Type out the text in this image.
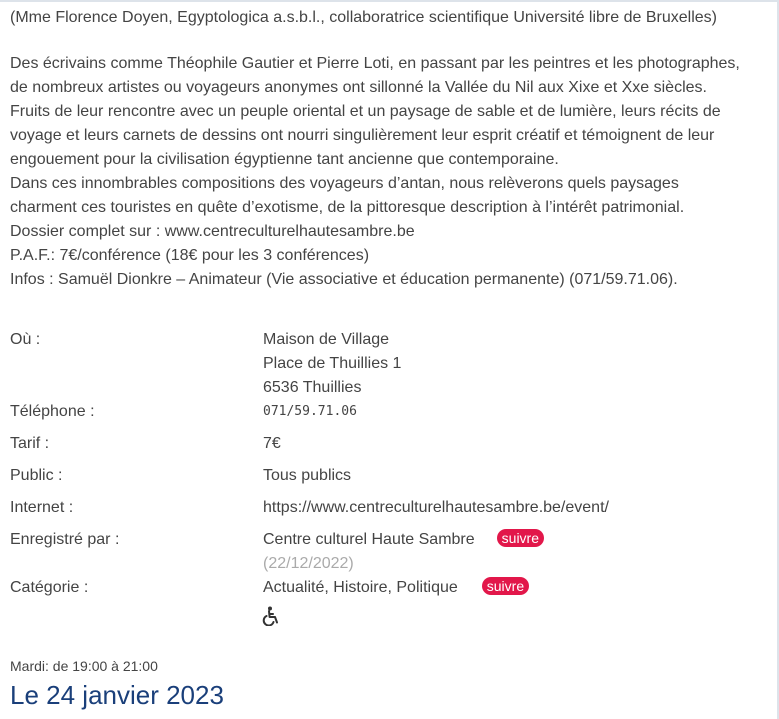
(Mme Florence Doyen, Egyptologica a.s.b.l., collaboratrice scientifique Université libre de Bruxelles)

Des écrivains comme Théophile Gautier et Pierre Loti, en passant par les peintres et les photographes,
de nombreux artistes ou voyageurs anonymes ont sillonné la Vallée du Nil aux Xixe et Xxe siècles.
Fruits de leur rencontre avec un peuple oriental et un paysage de sable et de lumière, leurs récits de
voyage et leurs carnets de dessins ont nourri singulièrement leur esprit créatif et témoignent de leur
engouement pour la civilisation égyptienne tant ancienne que contemporaine.
Dans ces innombrables compositions des voyageurs d’antan, nous relèverons quels paysages
charment ces touristes en quête d’exotisme, de la pittoresque description à l’intérêt patrimonial.
Dossier complet sur : www.centreculturelhautesambre.be
P.A.F.: 7€/conférence (18€ pour les 3 conférences)
Infos : Samuël Dionkre – Animateur (Vie associative et éducation permanente) (071/59.71.06).
Où :	Maison de Village
Place de Thuillies 1
6536 Thuillies
Téléphone :	071/59.71.06
Tarif :	7€
Public :	Tous publics
Internet :	https://www.centreculturelhautesambre.be/event/
Enregistré par :	Centre culturel Haute Sambre suivre
(22/12/2022)
Catégorie :	Actualité, Histoire, Politique suivre
Mardi: de 19:00 à 21:00
Le 24 janvier 2023
